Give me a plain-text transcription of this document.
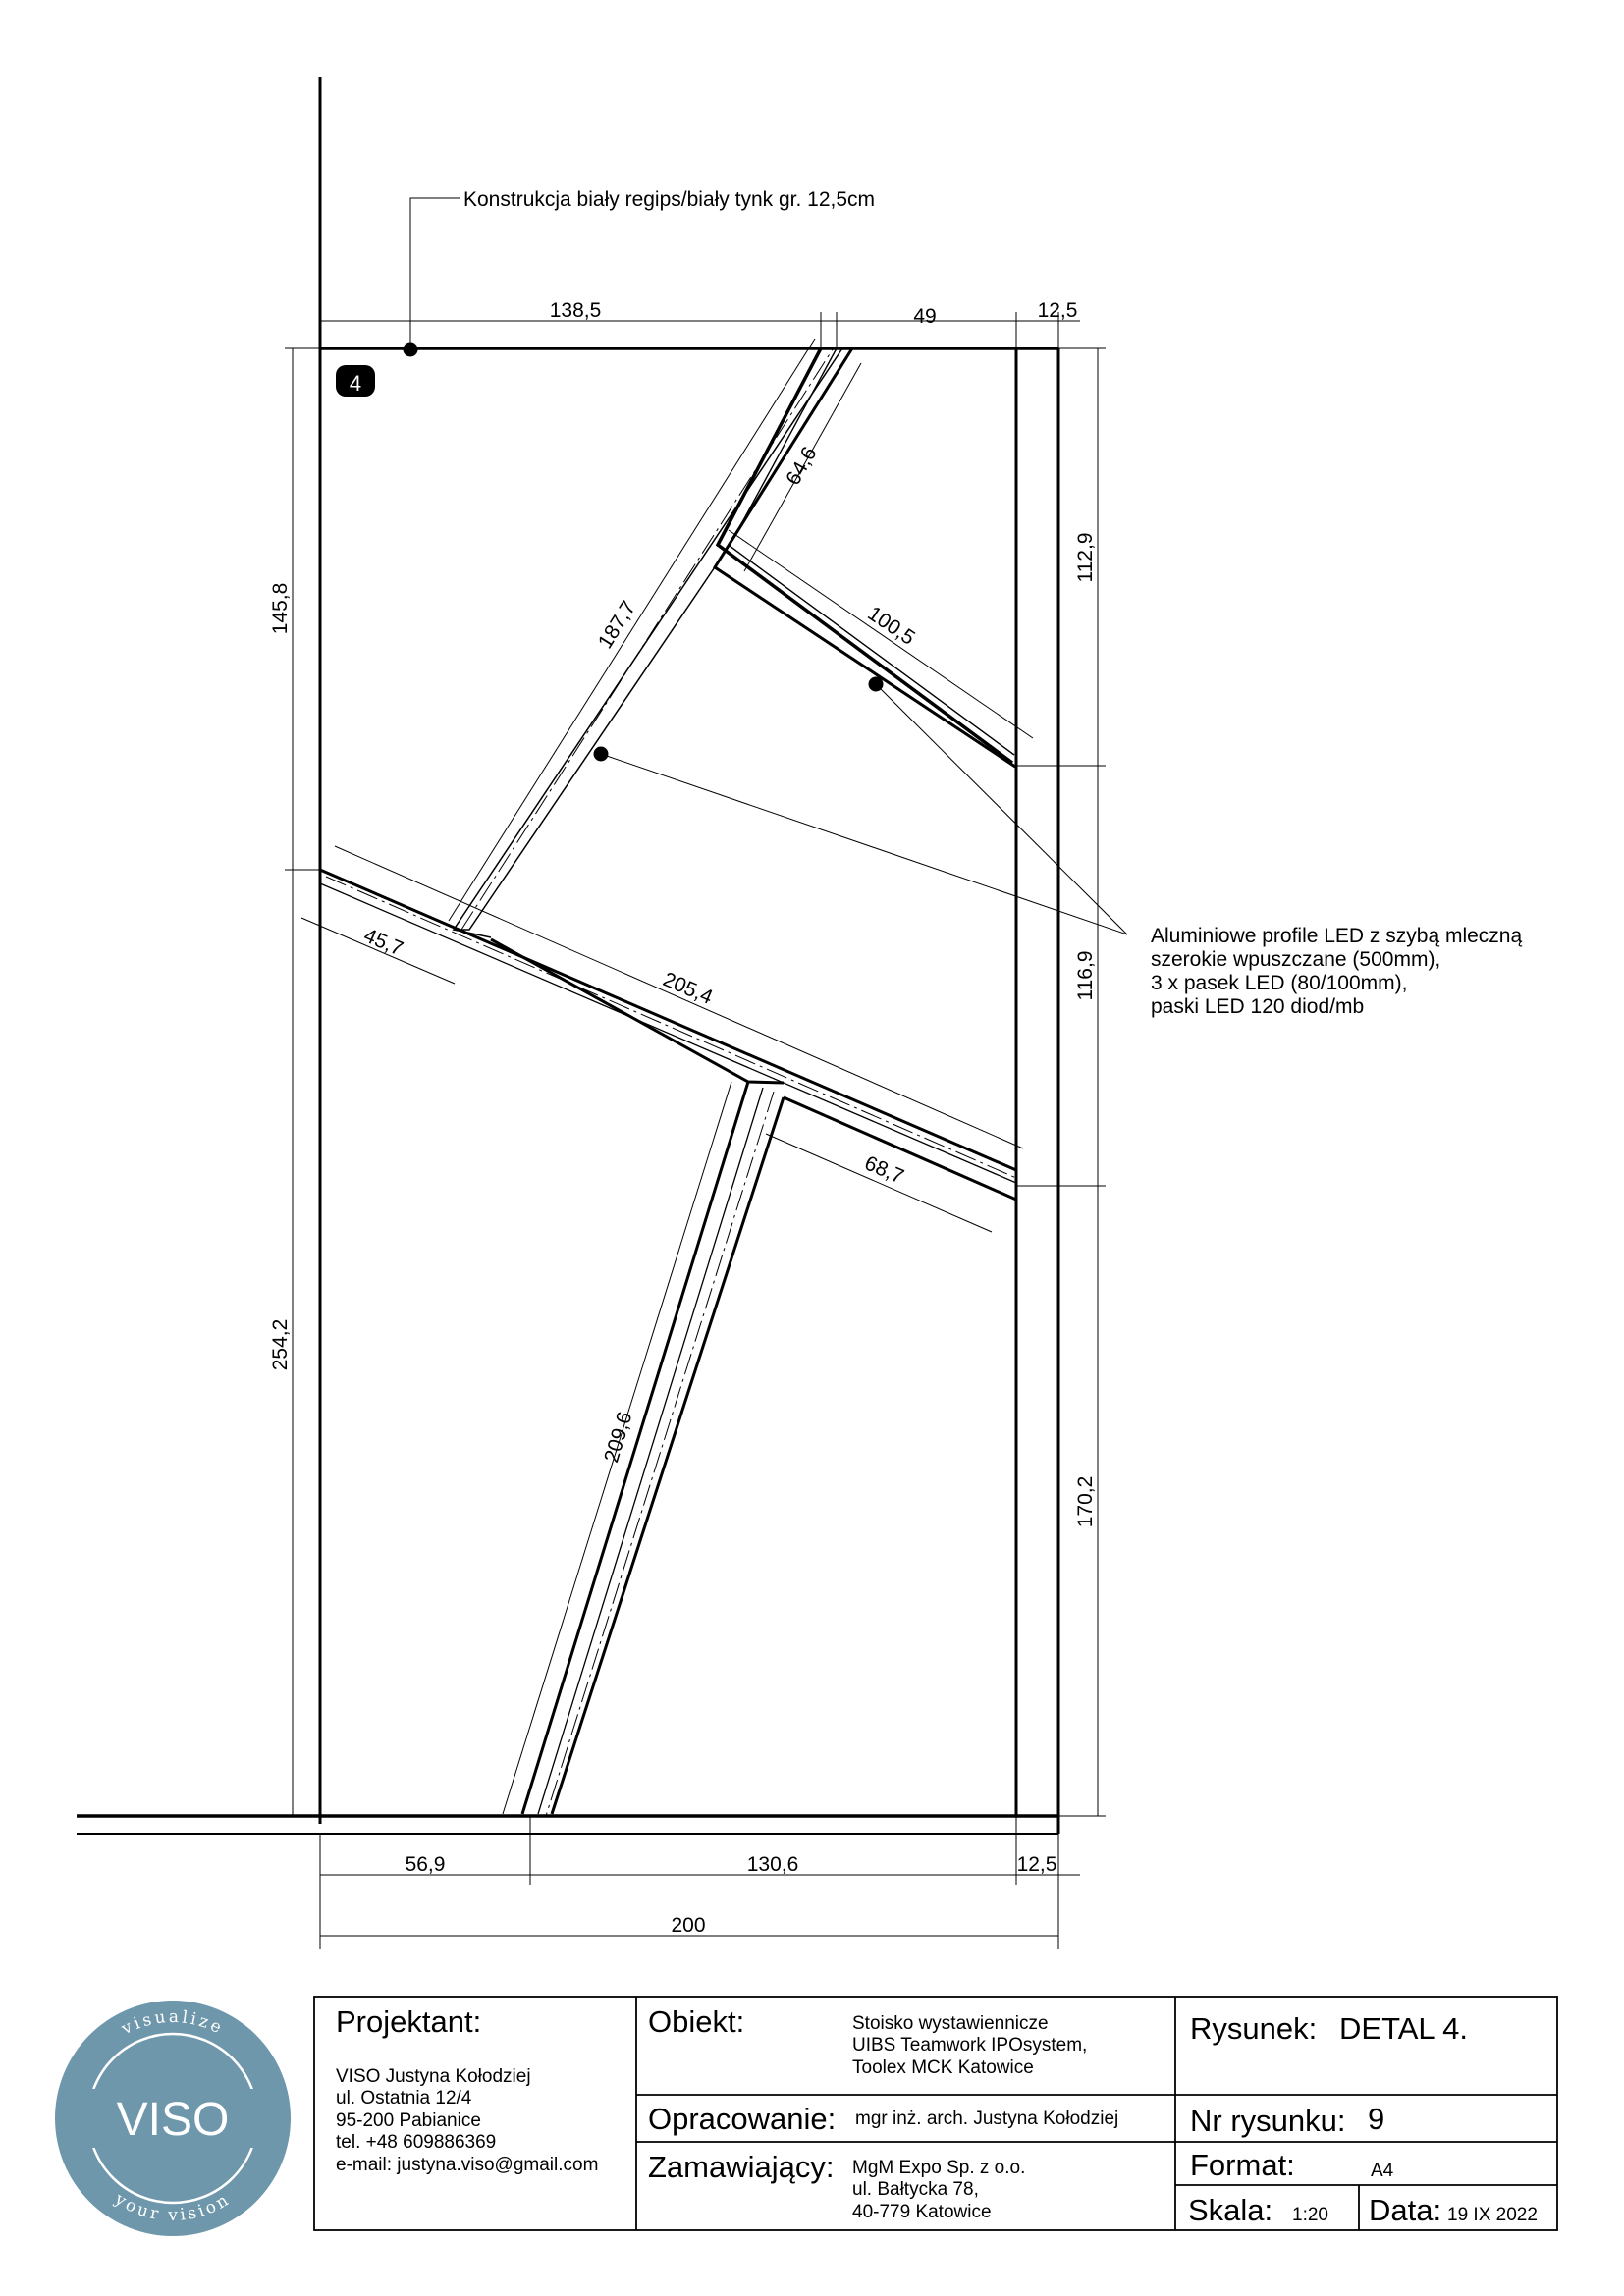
4
138,5	49	12,5
145,8
254,2
112,9
116,9
170,2
64,6
187,7	100,5
45,7
205,4
68,7
209,6
56,9	130,6	12,5
200
Konstrukcja biały regips/biały tynk gr. 12,5cm
Aluminiowe profile LED z szybą mleczną
szerokie wpuszczane (500mm),
3 x pasek LED (80/100mm),
paski LED 120 diod/mb
visualize
your vision
VISO
Projektant:
VISO Justyna Kołodziej
ul. Ostatnia 12/4
95-200 Pabianice
tel. +48 609886369
e-mail: justyna.viso@gmail.com
Obiekt:	Stoisko wystawiennicze
UIBS Teamwork IPOsystem,
Toolex MCK Katowice
Opracowanie: mgr inż. arch. Justyna Kołodziej
Zamawiający: MgM Expo Sp. z o.o.
ul. Bałtycka 78,
40-779 Katowice
Rysunek: DETAL 4.
Nr rysunku: 9
Format:	A4
Skala: 1:20 Data: 19 IX 2022
